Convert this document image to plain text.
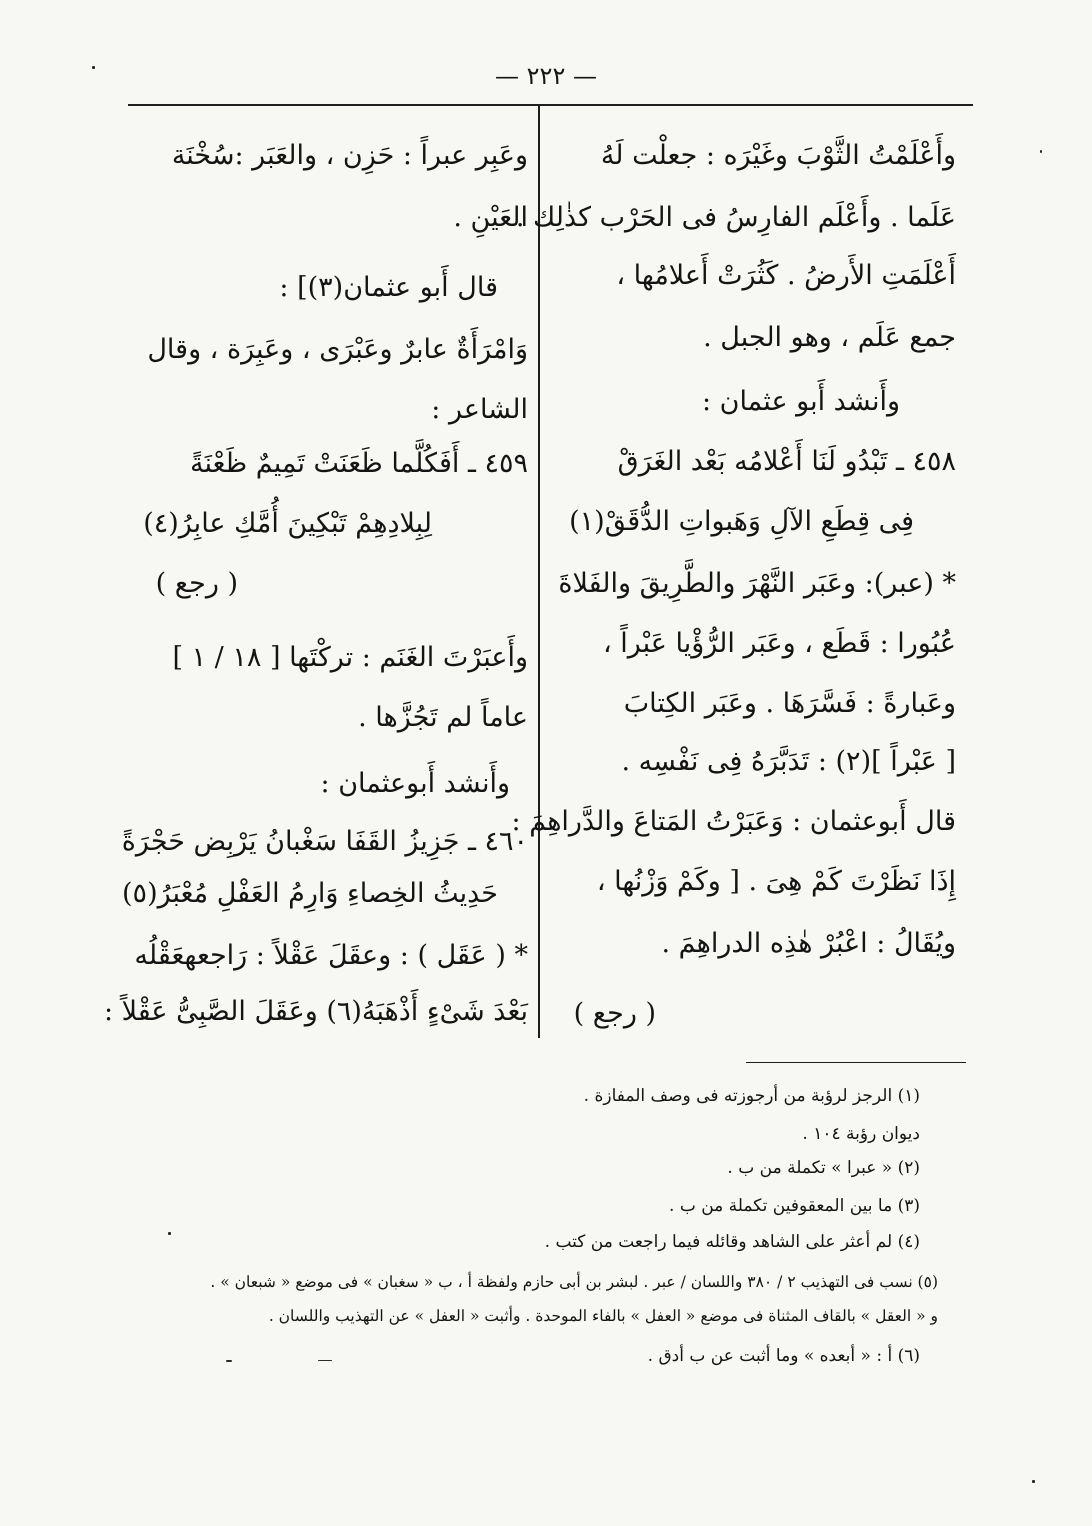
— ٢٢٢ —
وأَعْلَمْتُ الثَّوْبَ وغَيْرَه : جعلْت لَهُ
عَلَما . وأَعْلَم الفارِسُ فى الحَرْب كذٰلِك .
أَعْلَمَتِ الأَرضُ . كَثُرَتْ أَعلامُها ،
جمع عَلَم ، وهو الجبل .
وأَنشد أَبو عثمان :
٤٥٨ ـ تَبْدُو لَنَا أَعْلامُه بَعْد الغَرَقْ
فِى قِطَعِ الآلِ وَهَبواتِ الدُّقَقْ(١)
* (عبر): وعَبَر النَّهْرَ والطَّرِيقَ والفَلاةَ
عُبُورا : قَطَع ، وعَبَر الرُّؤْيا عَبْراً ،
وعَبارةً : فَسَّرَهَا . وعَبَر الكِتابَ
[ عَبْراً ](٢) : تَدَبَّرَهُ فِى نَفْسِه .
قال أَبوعثمان : وَعَبَرْتُ المَتاعَ والدَّراهِمَ :
إِذَا نَظَرْتَ كَمْ هِىَ . [ وكَمْ وَزْنُها ،
ويُقَالُ : اعْبُرْ هٰذِه الدراهِمَ .
( رجع )
وعَبِر عبراً : حَزِن ، والعَبَر :سُخْنَة
العَيْنِ .
قال أَبو عثمان(٣)] :
وَامْرَأَةٌ عابرٌ وعَبْرَى ، وعَبِرَة ، وقال
الشاعر :
٤٥٩ ـ أَفَكُلَّما ظَعَنَتْ تَمِيمٌ ظَعْنَةً
لِبِلادِهِمْ تَبْكِينَ أُمَّكِ عابِرُ(٤)
( رجع )
وأَعبَرْتَ الغَنَم : تركْتَها [ ١٨ / ١ ]
عاماً لم تَجُزَّها .
وأَنشد أَبوعثمان :
٤٦٠ ـ جَزِيزُ القَفَا سَغْبانُ يَرْبِض حَجْرَةً
حَدِيثُ الخِصاءِ وَارِمُ العَفْلِ مُعْبَرُ(٥)
* ( عَقَل ) : وعقَلَ عَقْلاً : رَاجعهعَقْلُه
بَعْدَ شَىْءٍ أَذْهَبَهُ(٦) وعَقَلَ الصَّبِىُّ عَقْلاً :
(١) الرجز لرؤبة من أرجوزته فى وصف المفازة .
ديوان رؤبة ١٠٤ .
(٢) « عبرا » تكملة من ب .
(٣) ما بين المعقوفين تكملة من ب .
(٤) لم أعثر على الشاهد وقائله فيما راجعت من كتب .
(٥) نسب فى التهذيب ٢ / ٣٨٠ واللسان / عبر . لبشر بن أبى حازم ولفظة أ ، ب « سغبان » فى موضع « شبعان » .
و « العقل » بالقاف المثناة فى موضع « العفل » بالفاء الموحدة . وأثبت « العفل » عن التهذيب واللسان .
(٦) أ : « أبعده » وما أثبت عن ب أدق .
